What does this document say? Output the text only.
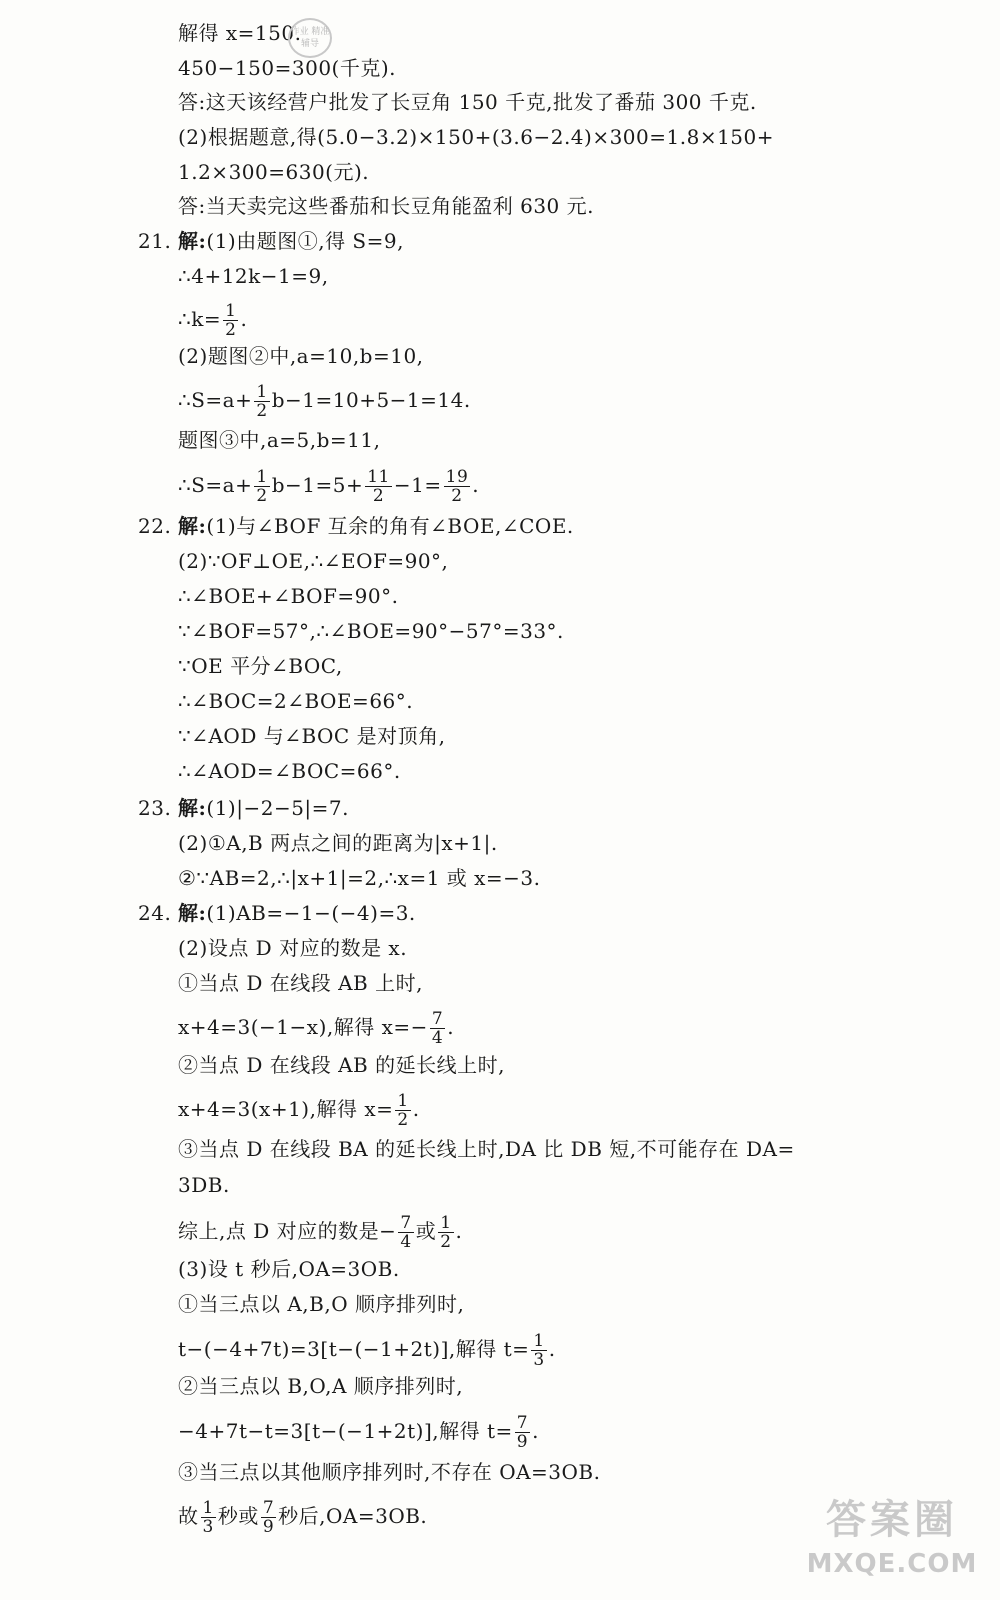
解得 x=150.
作业 精准辅导
450−150=300(千克).
答:这天该经营户批发了长豆角 150 千克,批发了番茄 300 千克.
(2)根据题意,得(5.0−3.2)×150+(3.6−2.4)×300=1.8×150+
1.2×300=630(元).
答:当天卖完这些番茄和长豆角能盈利 630 元.
21. 解:(1)由题图①,得 S=9,
∴4+12k−1=9,
∴k= $\frac{1}{2}$ .
(2)题图②中,a=10,b=10,
∴S=a+ $\frac{1}{2} b-1=10+5-1=14$.
题图③中,a=5,b=11,
∴S=a+ $\frac{1}{2} b-1=5+ \frac{11}{2} -1= \frac{19}{2}$ .
22. 解:(1)与∠BOF 互余的角有∠BOE,∠COE.
(2)∵OF⊥OE,∴∠EOF=90°,
∴∠BOE+∠BOF=90°.
∵∠BOF=57°,∴∠BOE=90°−57°=33°.
∵OE 平分∠BOC,
∴∠BOC=2∠BOE=66°.
∵∠AOD 与∠BOC 是对顶角,
∴∠AOD=∠BOC=66°.
23. 解:(1)|−2−5|=7.
(2)①A,B 两点之间的距离为|x+1|.
②∵AB=2,∴|x+1|=2,∴x=1 或 x=−3.
24. 解:(1)AB=−1−(−4)=3.
(2)设点 D 对应的数是 x.
①当点 D 在线段 AB 上时,
x+4=3(−1−x),解得 $x=- \frac{7}{4}$ .
②当点 D 在线段 AB 的延长线上时,
x+4=3(x+1),解得 $x= \frac{1}{2}$ .
③当点 D 在线段 BA 的延长线上时,DA 比 DB 短,不可能存在 DA=
3DB.
综上,点 D 对应的数是− $\frac{7}{4}$ 或 $\frac{1}{2}$ .
(3)设 t 秒后,OA=3OB.
①当三点以 A,B,O 顺序排列时,
t−(−4+7t)=3[t−(−1+2t)],解得 $t= \frac{1}{3}$ .
②当三点以 B,O,A 顺序排列时,
−4+7t−t=3[t−(−1+2t)],解得 $t= \frac{7}{9}$ .
③当三点以其他顺序排列时,不存在 OA=3OB.
故 $\frac{1}{3}$ 秒或 $\frac{7}{9}$ 秒后,OA=3OB.	答案圈
MXQE.COM
